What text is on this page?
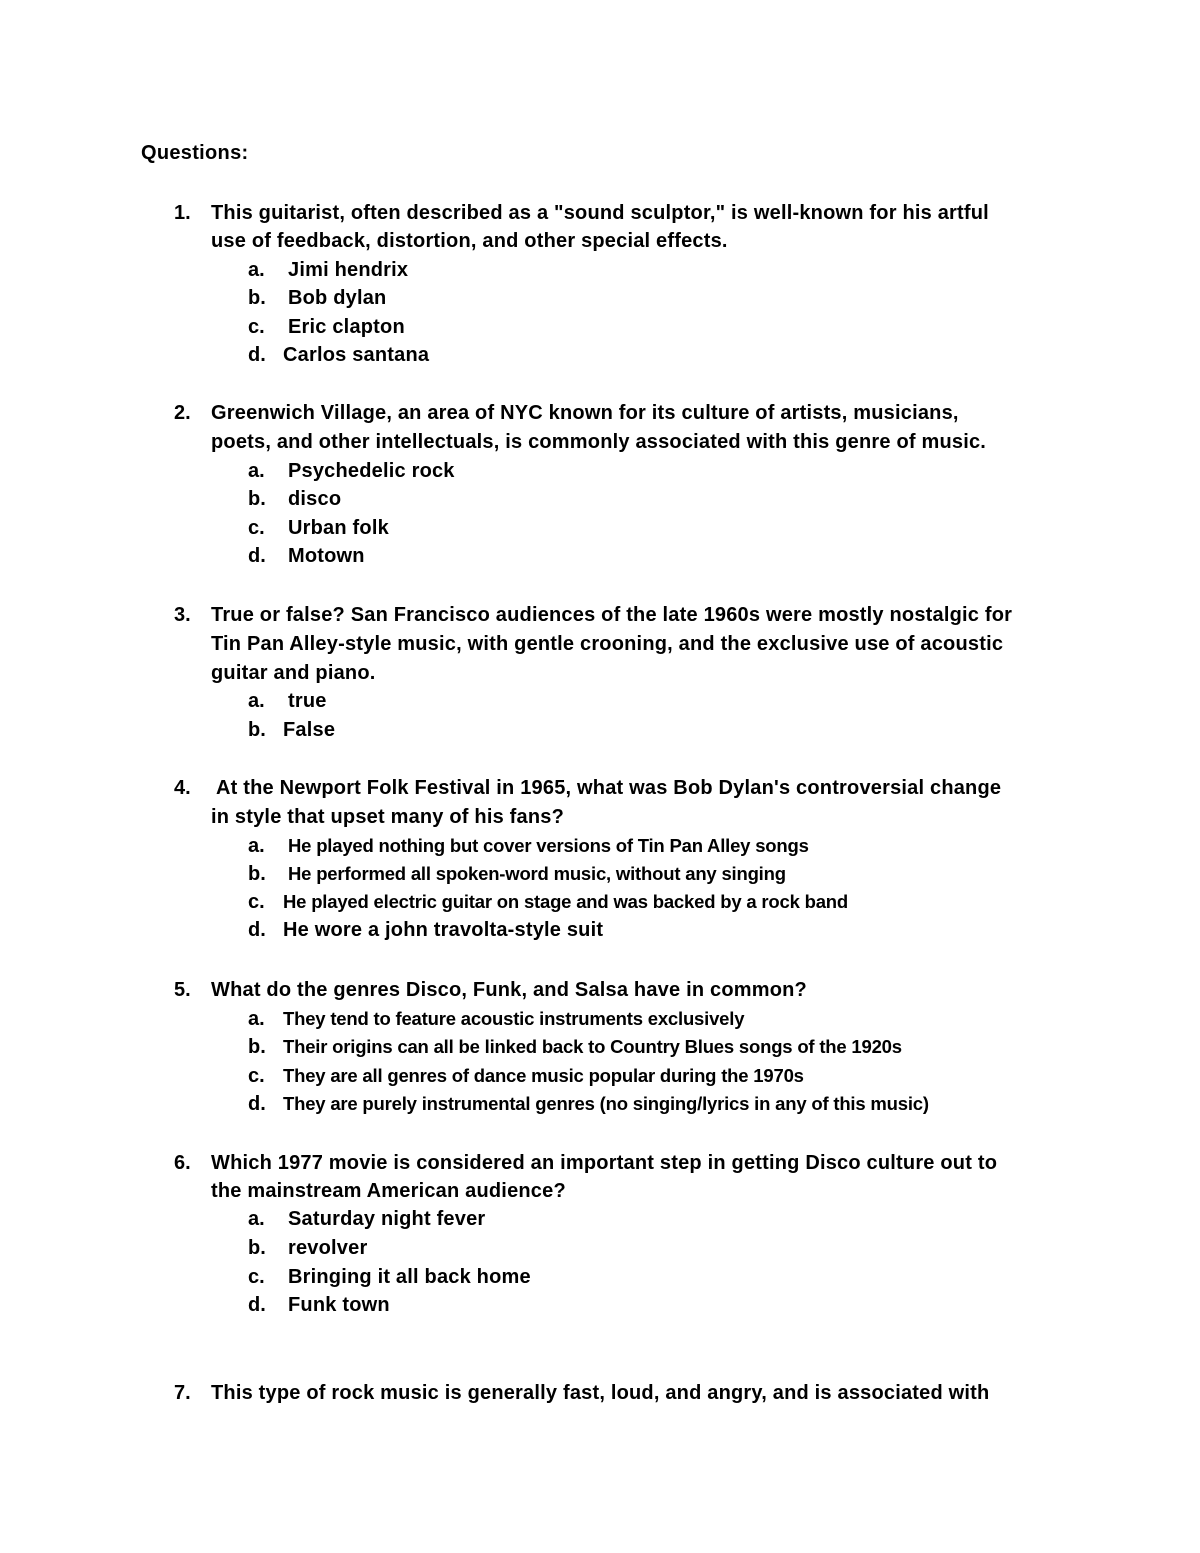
Questions:
1. This guitarist, often described as a "sound sculptor," is well-known for his artful
use of feedback, distortion, and other special effects.
a. Jimi hendrix
b. Bob dylan
c. Eric clapton
d. Carlos santana
2. Greenwich Village, an area of NYC known for its culture of artists, musicians,
poets, and other intellectuals, is commonly associated with this genre of music.
a. Psychedelic rock
b. disco
c. Urban folk
d. Motown
3. True or false? San Francisco audiences of the late 1960s were mostly nostalgic for
Tin Pan Alley-style music, with gentle crooning, and the exclusive use of acoustic
guitar and piano.
a. true
b. False
4. At the Newport Folk Festival in 1965, what was Bob Dylan's controversial change
in style that upset many of his fans?
a. He played nothing but cover versions of Tin Pan Alley songs
b. He performed all spoken-word music, without any singing
c. He played electric guitar on stage and was backed by a rock band
d. He wore a john travolta-style suit
5. What do the genres Disco, Funk, and Salsa have in common?
a. They tend to feature acoustic instruments exclusively
b. Their origins can all be linked back to Country Blues songs of the 1920s
c. They are all genres of dance music popular during the 1970s
d. They are purely instrumental genres (no singing/lyrics in any of this music)
6. Which 1977 movie is considered an important step in getting Disco culture out to
the mainstream American audience?
a. Saturday night fever
b. revolver
c. Bringing it all back home
d. Funk town
7. This type of rock music is generally fast, loud, and angry, and is associated with
